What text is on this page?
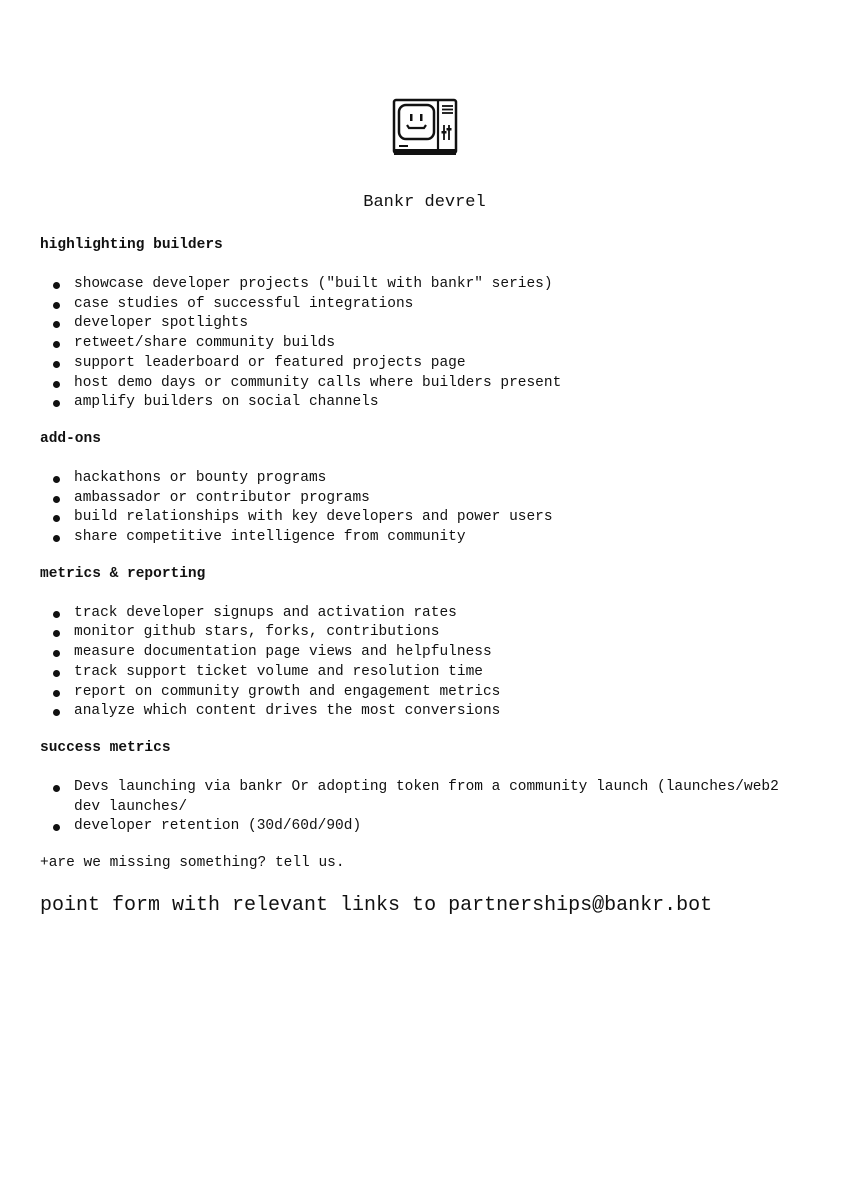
Bankr devrel
highlighting builders
showcase developer projects ("built with bankr" series)
case studies of successful integrations
developer spotlights
retweet/share community builds
support leaderboard or featured projects page
host demo days or community calls where builders present
amplify builders on social channels
add-ons
hackathons or bounty programs
ambassador or contributor programs
build relationships with key developers and power users
share competitive intelligence from community
metrics & reporting
track developer signups and activation rates
monitor github stars, forks, contributions
measure documentation page views and helpfulness
track support ticket volume and resolution time
report on community growth and engagement metrics
analyze which content drives the most conversions
success metrics
Devs launching via bankr Or adopting token from a community launch (launches/web2 dev launches/
developer retention (30d/60d/90d)
+are we missing something? tell us.
point form with relevant links to partnerships@bankr.bot
